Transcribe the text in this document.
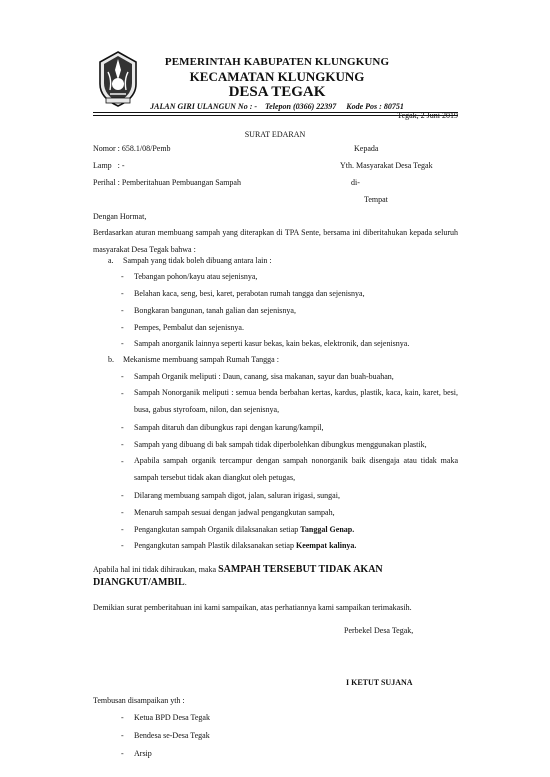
PEMERINTAH KABUPATEN KLUNGKUNG
KECAMATAN KLUNGKUNG
DESA TEGAK
JALAN GIRI ULANGUN No : -    Telepon (0366) 22397     Kode Pos : 80751
Tegak, 2 Juni 2019
SURAT EDARAN
Nomor : 658.1/08/Pemb
Lamp   : -
Perihal : Pemberitahuan Pembuangan Sampah
Kepada
Yth. Masyarakat Desa Tegak
di-
Tempat
Dengan Hormat,
Berdasarkan aturan membuang sampah yang diterapkan di TPA Sente, bersama ini diberitahukan kepada seluruh masyarakat Desa Tegak bahwa :
a. Sampah yang tidak boleh dibuang antara lain :
- Tebangan pohon/kayu atau sejenisnya,
- Belahan kaca, seng, besi, karet, perabotan rumah tangga dan sejenisnya,
- Bongkaran bangunan, tanah galian dan sejenisnya,
- Pempes, Pembalut dan sejenisnya.
- Sampah anorganik lainnya seperti kasur bekas, kain bekas, elektronik, dan sejenisnya.
b. Mekanisme membuang sampah Rumah Tangga :
- Sampah Organik meliputi : Daun, canang, sisa makanan, sayur dan buah-buahan,
- Sampah Nonorganik meliputi : semua benda berbahan kertas, kardus, plastik, kaca, kain, karet, besi, busa, gabus styrofoam, nilon, dan sejenisnya,
- Sampah ditaruh dan dibungkus rapi dengan karung/kampil,
- Sampah yang dibuang di bak sampah tidak diperbolehkan dibungkus menggunakan plastik,
- Apabila sampah organik tercampur dengan sampah nonorganik baik disengaja atau tidak maka sampah tersebut tidak akan diangkut oleh petugas,
- Dilarang membuang sampah digot, jalan, saluran irigasi, sungai,
- Menaruh sampah sesuai dengan jadwal pengangkutan sampah,
- Pengangkutan sampah Organik dilaksanakan setiap Tanggal Genap.
- Pengangkutan sampah Plastik dilaksanakan setiap Keempat kalinya.
Apabila hal ini tidak dihiraukan, maka SAMPAH TERSEBUT TIDAK AKAN DIANGKUT/AMBIL.
Demikian surat pemberitahuan ini kami sampaikan, atas perhatiannya kami sampaikan terimakasih.
Perbekel Desa Tegak,
I KETUT SUJANA
Tembusan disampaikan yth :
- Ketua BPD Desa Tegak
- Bendesa se-Desa Tegak
- Arsip
